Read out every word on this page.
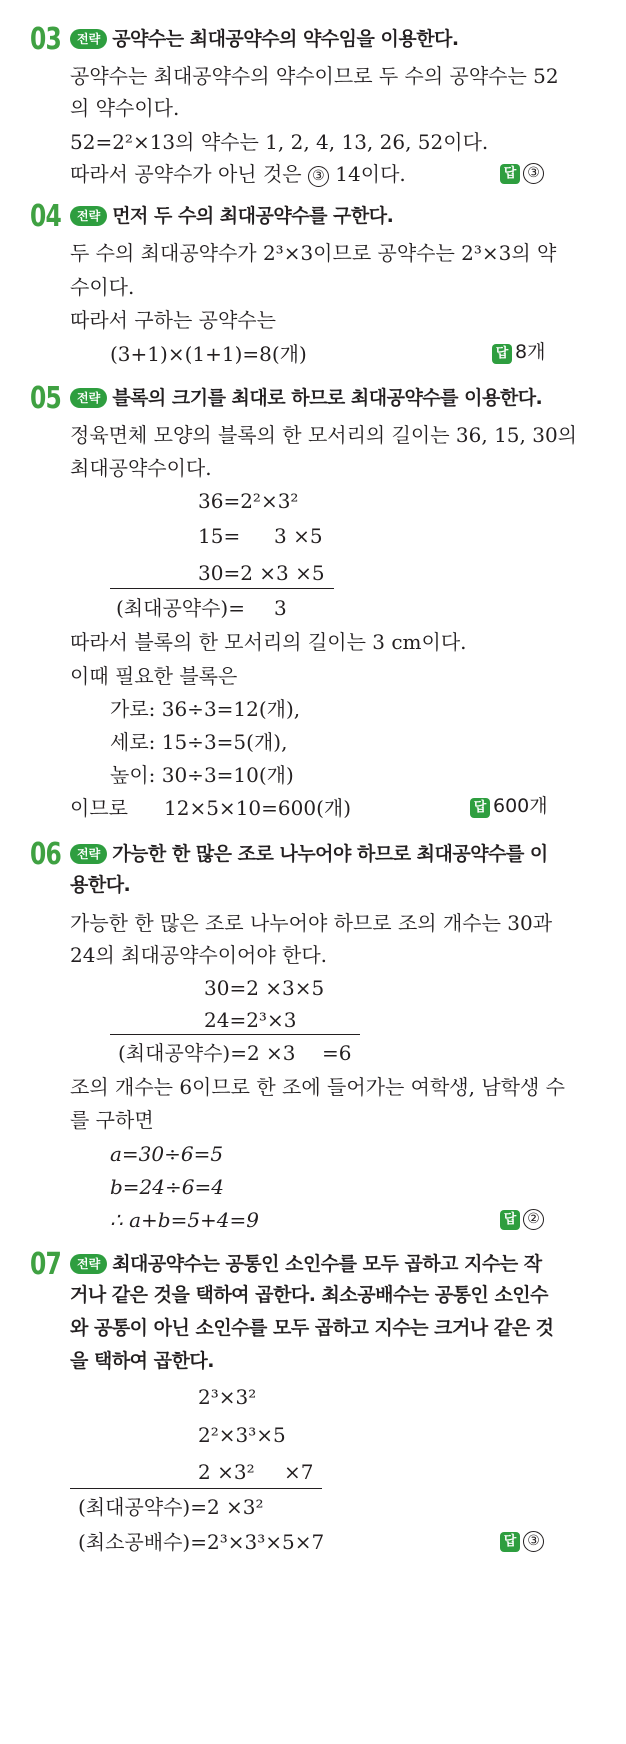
03	전략 공약수는 최대공약수의 약수임을 이용한다.
공약수는 최대공약수의 약수이므로 두 수의 공약수는 52
의 약수이다.
52=2²×13의 약수는 1, 2, 4, 13, 26, 52이다.
따라서 공약수가 아닌 것은 ③ 14이다.	답 ③
04	전략 먼저 두 수의 최대공약수를 구한다.
두 수의 최대공약수가 2³×3이므로 공약수는 2³×3의 약
수이다.
따라서 구하는 공약수는
(3+1)×(1+1)=8(개)	답 8개
05	전략 블록의 크기를 최대로 하므로 최대공약수를 이용한다.
정육면체 모양의 블록의 한 모서리의 길이는 36, 15, 30의
최대공약수이다.
36=2²×3²
15= 3 ×5
30=2 ×3 ×5
(최대공약수)= 3
따라서 블록의 한 모서리의 길이는 3 cm이다.
이때 필요한 블록은
가로: 36÷3=12(개),
세로: 15÷3=5(개),
높이: 30÷3=10(개)
이므로 12×5×10=600(개)	답 600개
06	전략 가능한 한 많은 조로 나누어야 하므로 최대공약수를 이
용한다.
가능한 한 많은 조로 나누어야 하므로 조의 개수는 30과
24의 최대공약수이어야 한다.
30=2 ×3×5
24=2³×3
(최대공약수)=2 ×3 =6
조의 개수는 6이므로 한 조에 들어가는 여학생, 남학생 수
를 구하면
a=30÷6=5
b=24÷6=4
∴ a+b=5+4=9	답 ②
07	전략 최대공약수는 공통인 소인수를 모두 곱하고 지수는 작
거나 같은 것을 택하여 곱한다. 최소공배수는 공통인 소인수
와 공통이 아닌 소인수를 모두 곱하고 지수는 크거나 같은 것
을 택하여 곱한다.
2³×3²
2²×3³×5
2 ×3² ×7
(최대공약수)=2 ×3²
(최소공배수)=2³×3³×5×7	답 ③
